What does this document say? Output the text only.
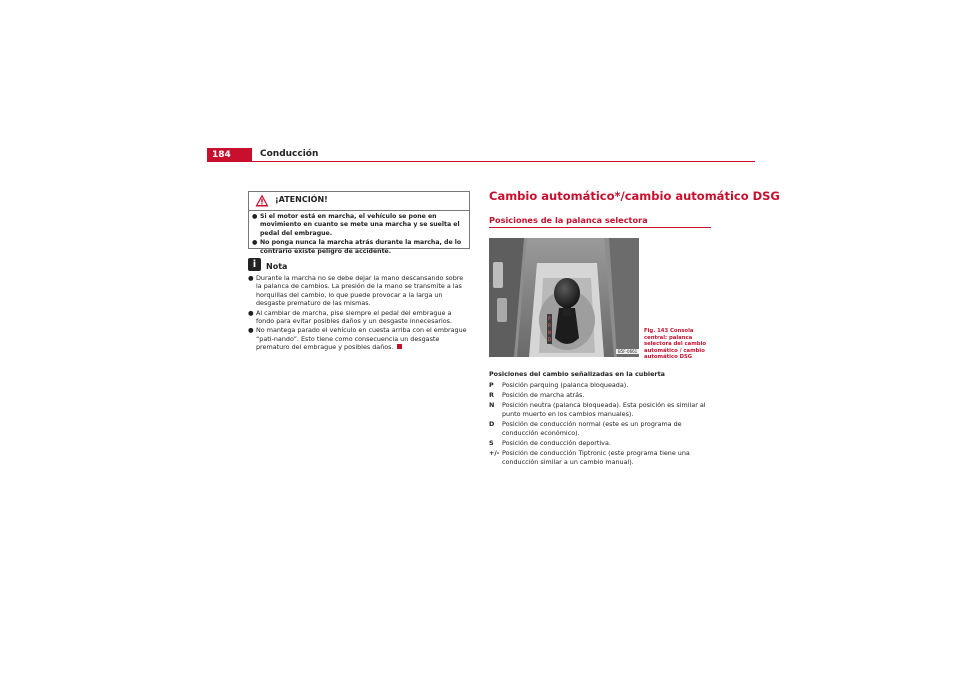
184	Conducción
¡ATENCIÓN!
● Si el motor está en marcha, el vehículo se pone en movimiento en cuanto se mete una marcha y se suelta el pedal del embrague.
● No ponga nunca la marcha atrás durante la marcha, de lo contrario existe peligro de accidente.
i	Nota
● Durante la marcha no se debe dejar la mano descansando sobre la palanca de cambios. La presión de la mano se transmite a las horquillas del cambio, lo que puede provocar a la larga un desgaste prematuro de las mismas.
● Al cambiar de marcha, pise siempre el pedal del embrague a fondo para evitar posibles daños y un desgaste innecesarios.
● No mantega parado el vehículo en cuesta arriba con el embrague “pati-nando”. Esto tiene como consecuencia un desgaste prematuro del embrague y posibles daños.
Cambio automático*/cambio automático DSG
Posiciones de la palanca selectora
P
R
N
D
B5F-0661
Fig. 143 Consola central: palanca selectora del cambio automático / cambio automático DSG
Posiciones del cambio señalizadas en la cubierta
P Posición parquing (palanca bloqueada).
R Posición de marcha atrás.
N Posición neutra (palanca bloqueada). Esta posición es similar al punto muerto en los cambios manuales).
D Posición de conducción normal (este es un programa de conducción económico).
S Posición de conducción deportiva.
+/- Posición de conducción Tiptronic (este programa tiene una conducción similar a un cambio manual).
